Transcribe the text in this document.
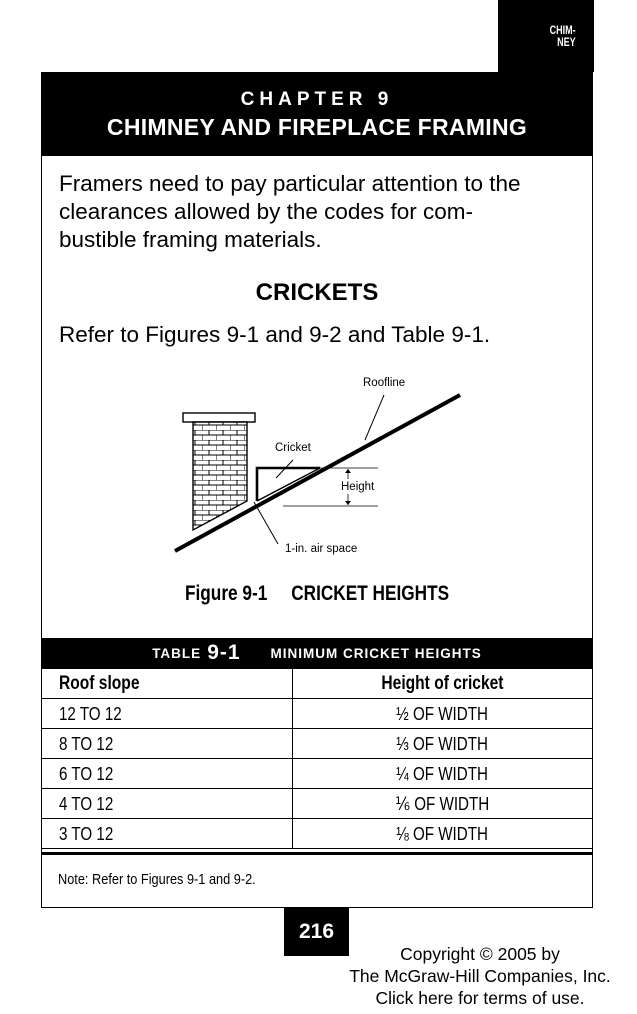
CHIM-
NEY
CHAPTER 9
CHIMNEY AND FIREPLACE FRAMING

Framers need to pay particular attention to the
clearances allowed by the codes for com-
bustible framing materials.

CRICKETS

Refer to Figures 9-1 and 9-2 and Table 9-1.

Roofline
Cricket
Height
1-in. air space
Figure 9-1 CRICKET HEIGHTS
TABLE 9-1 MINIMUM CRICKET HEIGHTS
Roof slope	Height of cricket
12 TO 12	½ OF WIDTH
8 TO 12	⅓ OF WIDTH
6 TO 12	¼ OF WIDTH
4 TO 12	⅙ OF WIDTH
3 TO 12	⅛ OF WIDTH
Note: Refer to Figures 9-1 and 9-2.
216
Copyright © 2005 by
The McGraw-Hill Companies, Inc.
Click here for terms of use.
